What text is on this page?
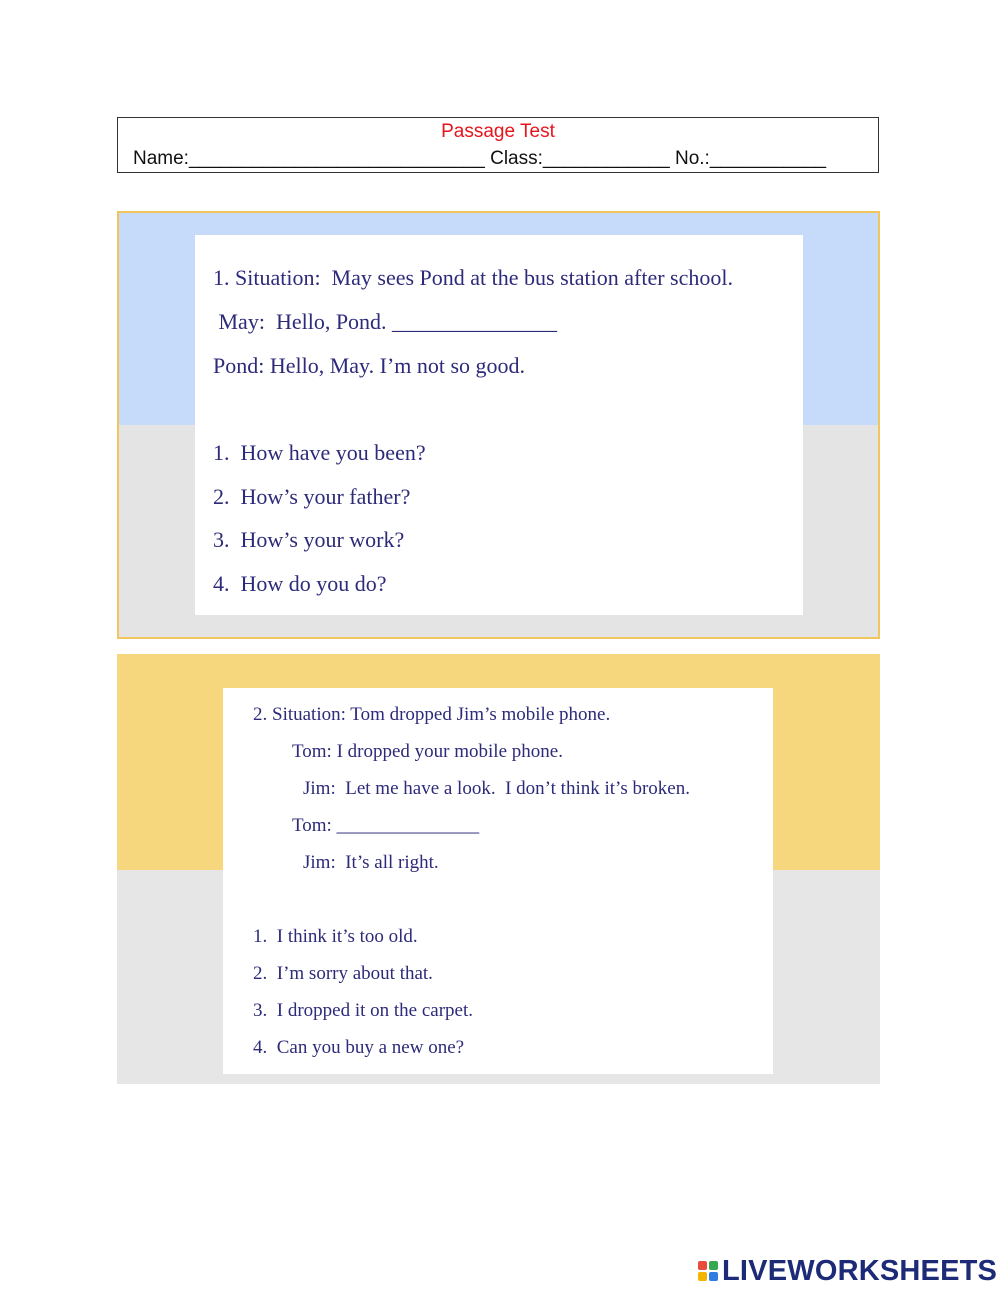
Passage Test
Name:____________________________ Class:____________ No.:___________
1. Situation:  May sees Pond at the bus station after school.
May:  Hello, Pond. _______________
Pond: Hello, May. I’m not so good.
1.  How have you been?
2.  How’s your father?
3.  How’s your work?
4.  How do you do?
2. Situation: Tom dropped Jim’s mobile phone.
Tom: I dropped your mobile phone.
Jim:  Let me have a look.  I don’t think it’s broken.
Tom: _______________
Jim:  It’s all right.
1.  I think it’s too old.
2.  I’m sorry about that.
3.  I dropped it on the carpet.
4.  Can you buy a new one?
LIVEWORKSHEETS
